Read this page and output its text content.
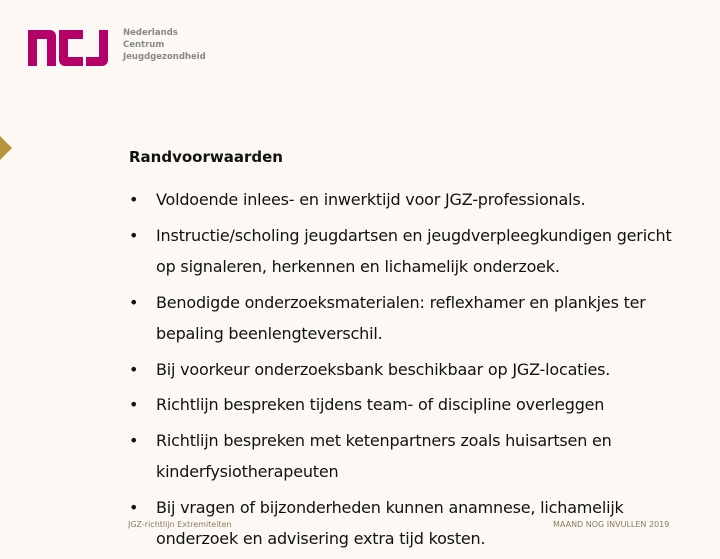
Nederlands
Centrum
Jeugdgezondheid
Randvoorwaarden
• Voldoende inlees- en inwerktijd voor JGZ-professionals.
• Instructie/scholing jeugdartsen en jeugdverpleegkundigen gericht op signaleren, herkennen en lichamelijk onderzoek.
• Benodigde onderzoeksmaterialen: reflexhamer en plankjes ter bepaling beenlengteverschil.
• Bij voorkeur onderzoeksbank beschikbaar op JGZ-locaties.
• Richtlijn bespreken tijdens team- of discipline overleggen
• Richtlijn bespreken met ketenpartners zoals huisartsen en kinderfysiotherapeuten
• Bij vragen of bijzonderheden kunnen anamnese, lichamelijk onderzoek en advisering extra tijd kosten.
JGZ-richtlijn Extremiteiten	MAAND NOG INVULLEN 2019
